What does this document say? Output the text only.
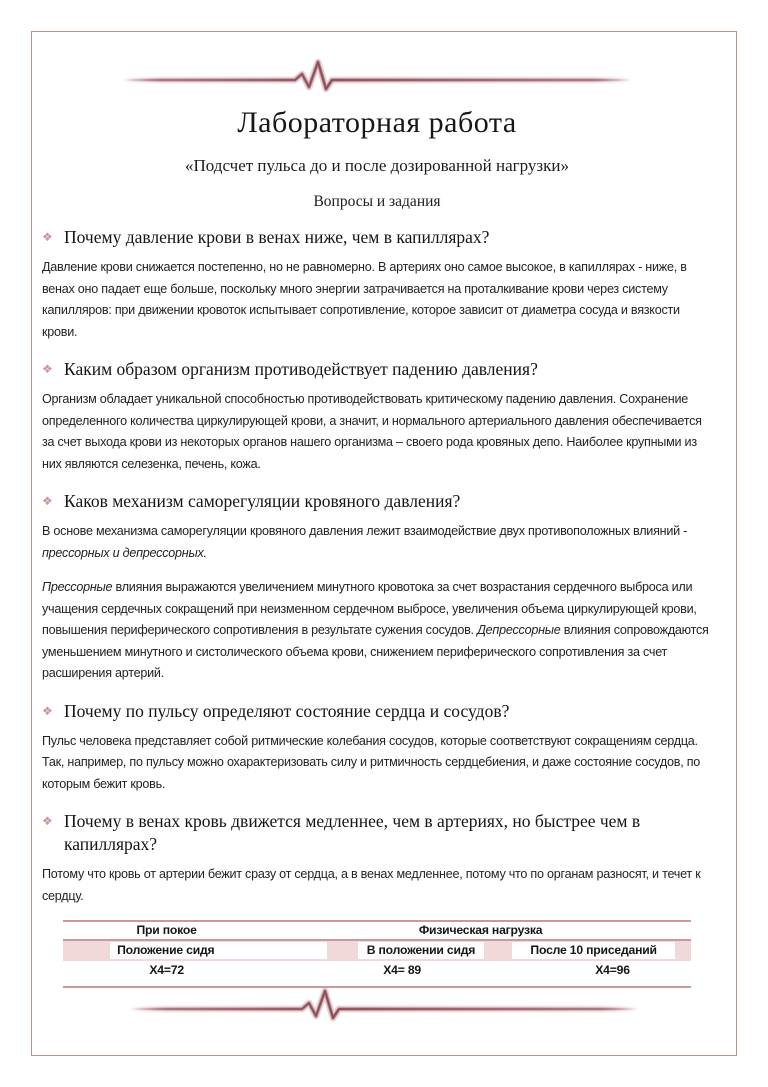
Лабораторная работа
«Подсчет пульса до и после дозированной нагрузки»
Вопросы и задания
❖ Почему давление крови в венах ниже, чем в капиллярах?
Давление крови снижается постепенно, но не равномерно. В артериях оно самое высокое, в капиллярах - ниже, в венах оно падает еще больше, поскольку много энергии затрачивается на проталкивание крови через систему капилляров: при движении кровоток испытывает сопротивление, которое зависит от диаметра сосуда и вязкости крови.
❖ Каким образом организм противодействует падению давления?
Организм обладает уникальной способностью противодействовать критическому падению давления. Сохранение определенного количества циркулирующей крови, а значит, и нормального артериального давления обеспечивается за счет выхода крови из некоторых органов нашего организма – своего рода кровяных депо. Наиболее крупными из них являются селезенка, печень, кожа.
❖ Каков механизм саморегуляции кровяного давления?
В основе механизма саморегуляции кровяного давления лежит взаимодействие двух противоположных влияний - прессорных и депрессорных.
Прессорные влияния выражаются увеличением минутного кровотока за счет возрастания сердечного выброса или учащения сердечных сокращений при неизменном сердечном выбросе, увеличения объема циркулирующей крови, повышения периферического сопротивления в результате сужения сосудов. Депрессорные влияния сопровождаются уменьшением минутного и систолического объема крови, снижением периферического сопротивления за счет расширения артерий.
❖ Почему по пульсу определяют состояние сердца и сосудов?
Пульс человека представляет собой ритмические колебания сосудов, которые соответствуют сокращениям сердца. Так, например, по пульсу можно охарактеризовать силу и ритмичность сердцебиения, и даже состояние сосудов, по которым бежит кровь.
❖ Почему в венах кровь движется медленнее, чем в артериях, но быстрее чем в капиллярах?
Потому что кровь от артерии бежит сразу от сердца, а в венах медленнее, потому что по органам разносят, и течет к сердцу.
При покое	Физическая нагрузка
Положение сидя	В положении сидя	После 10 приседаний
Х4=72	Х4= 89	Х4=96
